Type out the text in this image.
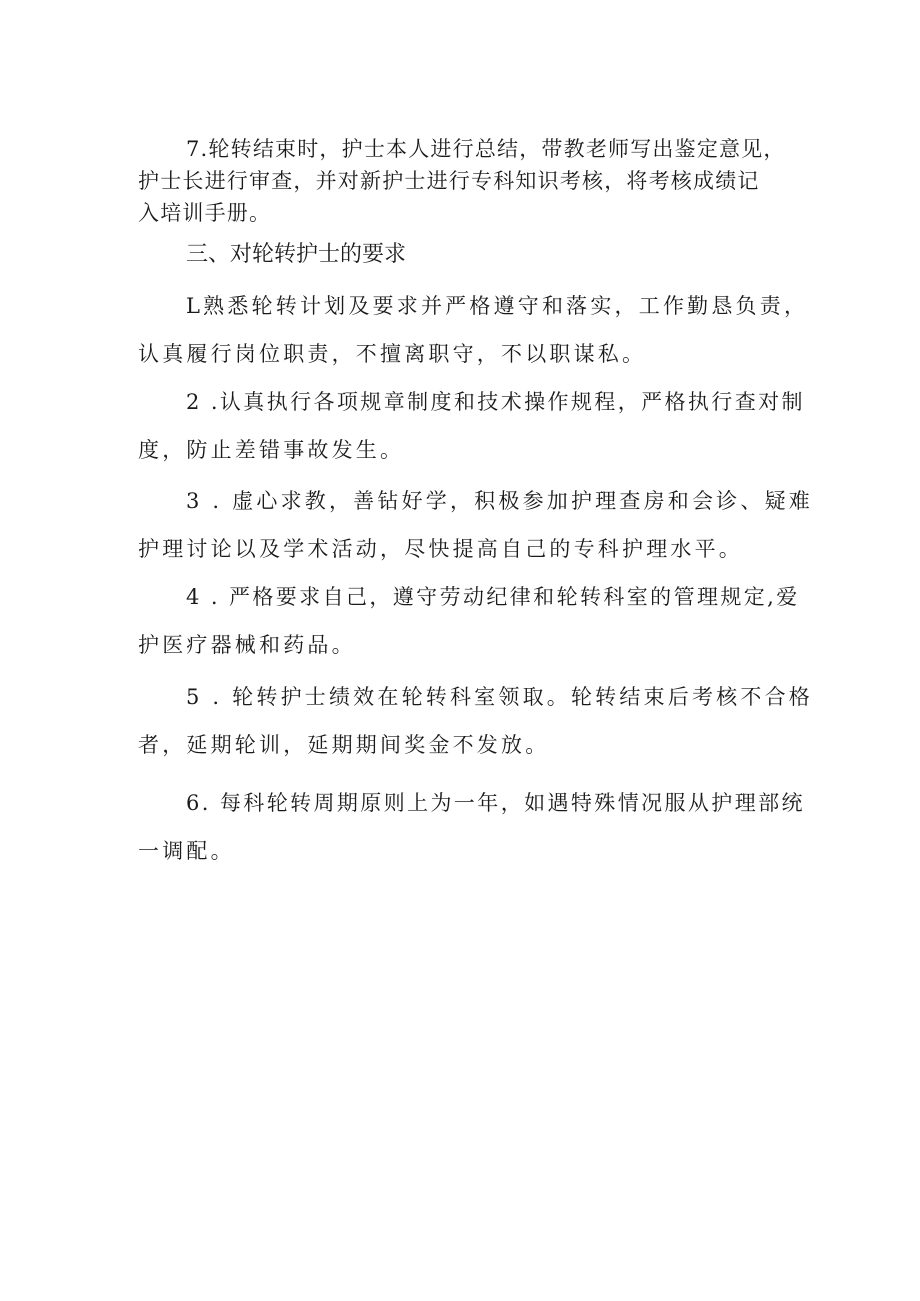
7.轮转结束时，护士本人进行总结，带教老师写出鉴定意见，
护士长进行审查，并对新护士进行专科知识考核，将考核成绩记
入培训手册。
三、对轮转护士的要求
L熟悉轮转计划及要求并严格遵守和落实，工作勤恳负责，
认真履行岗位职责，不擅离职守，不以职谋私。
2 .认真执行各项规章制度和技术操作规程，严格执行查对制
度，防止差错事故发生。
3 . 虚心求教，善钻好学，积极参加护理查房和会诊、疑难
护理讨论以及学术活动，尽快提高自己的专科护理水平。
4 . 严格要求自己，遵守劳动纪律和轮转科室的管理规定,爱
护医疗器械和药品。
5 . 轮转护士绩效在轮转科室领取。轮转结束后考核不合格
者，延期轮训，延期期间奖金不发放。
6. 每科轮转周期原则上为一年，如遇特殊情况服从护理部统
一调配。
